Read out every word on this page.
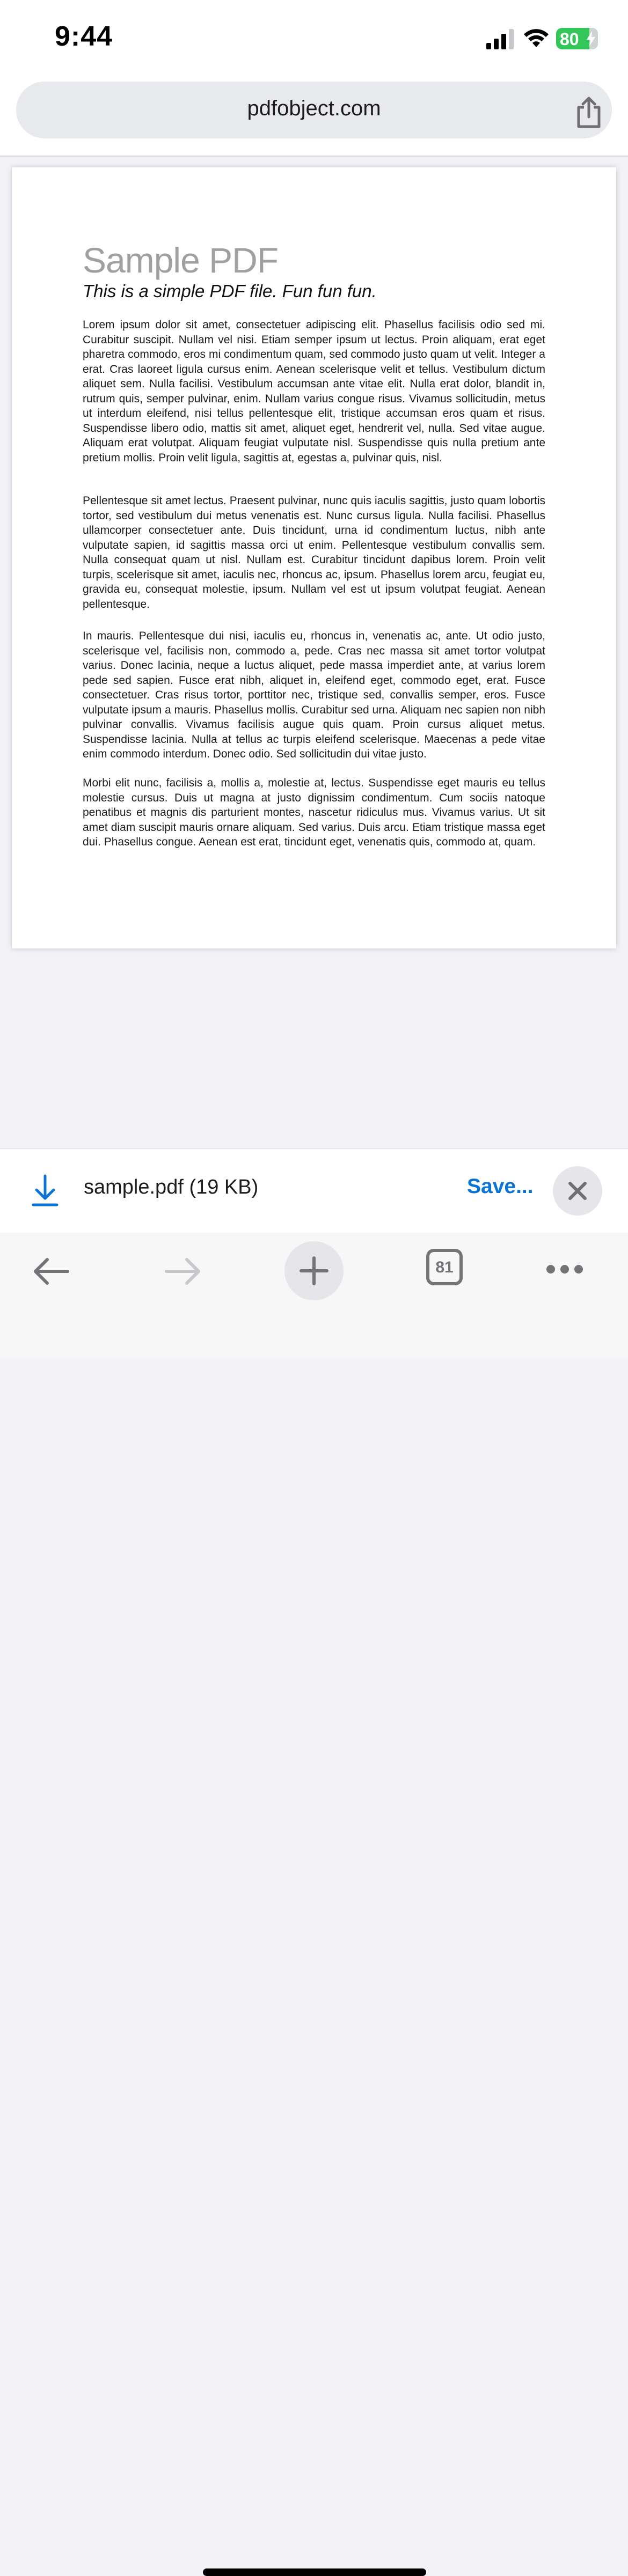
9:44	80
pdfobject.com
Sample PDF
This is a simple PDF file. Fun fun fun.

Lorem ipsum dolor sit amet, consectetuer adipiscing elit. Phasellus facilisis odio sed mi. Curabitur suscipit. Nullam vel nisi. Etiam semper ipsum ut lectus. Proin aliquam, erat eget pharetra commodo, eros mi condimentum quam, sed commodo justo quam ut velit. Integer a erat. Cras laoreet ligula cursus enim. Aenean scelerisque velit et tellus. Vestibulum dictum aliquet sem. Nulla facilisi. Vestibulum accumsan ante vitae elit. Nulla erat dolor, blandit in, rutrum quis, semper pulvinar, enim. Nullam varius congue risus. Vivamus sollicitudin, metus ut interdum eleifend, nisi tellus pellentesque elit, tristique accumsan eros quam et risus. Suspendisse libero odio, mattis sit amet, aliquet eget, hendrerit vel, nulla. Sed vitae augue. Aliquam erat volutpat. Aliquam feugiat vulputate nisl. Suspendisse quis nulla pretium ante pretium mollis. Proin velit ligula, sagittis at, egestas a, pulvinar quis, nisl.

Pellentesque sit amet lectus. Praesent pulvinar, nunc quis iaculis sagittis, justo quam lobortis tortor, sed vestibulum dui metus venenatis est. Nunc cursus ligula. Nulla facilisi. Phasellus ullamcorper consectetuer ante. Duis tincidunt, urna id condimentum luctus, nibh ante vulputate sapien, id sagittis massa orci ut enim. Pellentesque vestibulum convallis sem. Nulla consequat quam ut nisl. Nullam est. Curabitur tincidunt dapibus lorem. Proin velit turpis, scelerisque sit amet, iaculis nec, rhoncus ac, ipsum. Phasellus lorem arcu, feugiat eu, gravida eu, consequat molestie, ipsum. Nullam vel est ut ipsum volutpat feugiat. Aenean pellentesque.

In mauris. Pellentesque dui nisi, iaculis eu, rhoncus in, venenatis ac, ante. Ut odio justo, scelerisque vel, facilisis non, commodo a, pede. Cras nec massa sit amet tortor volutpat varius. Donec lacinia, neque a luctus aliquet, pede massa imperdiet ante, at varius lorem pede sed sapien. Fusce erat nibh, aliquet in, eleifend eget, commodo eget, erat. Fusce consectetuer. Cras risus tortor, porttitor nec, tristique sed, convallis semper, eros. Fusce vulputate ipsum a mauris. Phasellus mollis. Curabitur sed urna. Aliquam nec sapien non nibh pulvinar convallis. Vivamus facilisis augue quis quam. Proin cursus aliquet metus. Suspendisse lacinia. Nulla at tellus ac turpis eleifend scelerisque. Maecenas a pede vitae enim commodo interdum. Donec odio. Sed sollicitudin dui vitae justo.

Morbi elit nunc, facilisis a, mollis a, molestie at, lectus. Suspendisse eget mauris eu tellus molestie cursus. Duis ut magna at justo dignissim condimentum. Cum sociis natoque penatibus et magnis dis parturient montes, nascetur ridiculus mus. Vivamus varius. Ut sit amet diam suscipit mauris ornare aliquam. Sed varius. Duis arcu. Etiam tristique massa eget dui. Phasellus congue. Aenean est erat, tincidunt eget, venenatis quis, commodo at, quam.

sample.pdf (19 KB)	Save...
81
